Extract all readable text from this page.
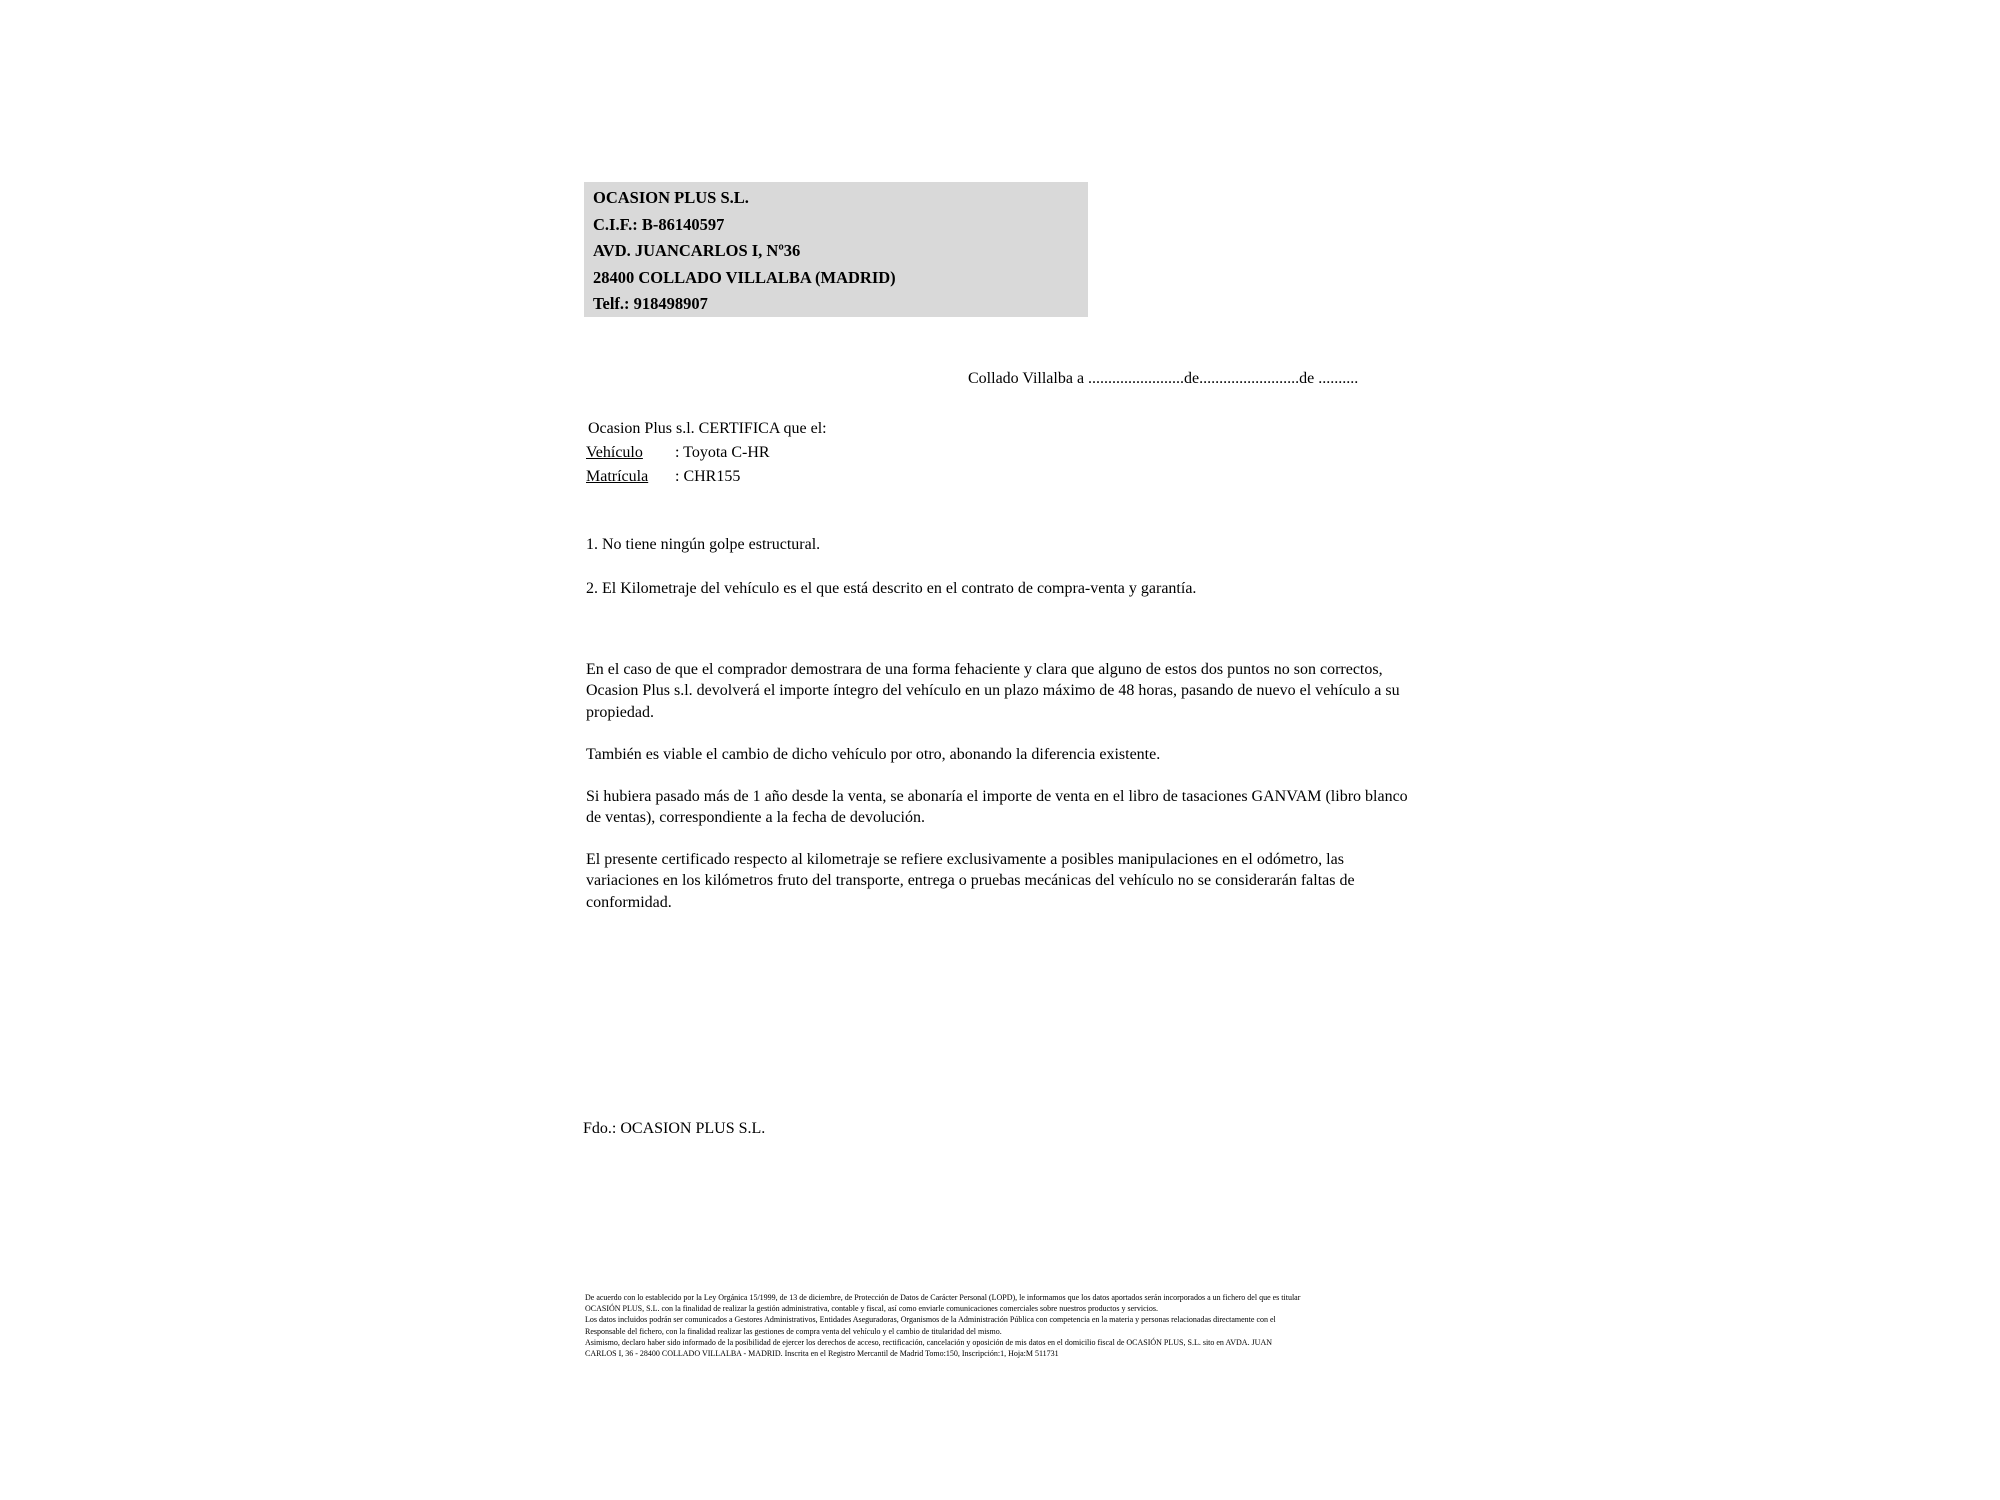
OCASION PLUS S.L.
C.I.F.: B-86140597
AVD. JUANCARLOS I, Nº36
28400 COLLADO VILLALBA (MADRID)
Telf.: 918498907
Collado Villalba a ........................de.........................de ..........
Ocasion Plus s.l. CERTIFICA que el:
Vehículo : Toyota C-HR
Matrícula : CHR155
1. No tiene ningún golpe estructural.
2. El Kilometraje del vehículo es el que está descrito en el contrato de compra-venta y garantía.
En el caso de que el comprador demostrara de una forma fehaciente y clara que alguno de estos dos puntos no son correctos, Ocasion Plus s.l. devolverá el importe íntegro del vehículo en un plazo máximo de 48 horas, pasando de nuevo el vehículo a su propiedad.
También es viable el cambio de dicho vehículo por otro, abonando la diferencia existente.
Si hubiera pasado más de 1 año desde la venta, se abonaría el importe de venta en el libro de tasaciones GANVAM (libro blanco de ventas), correspondiente a la fecha de devolución.
El presente certificado respecto al kilometraje se refiere exclusivamente a posibles manipulaciones en el odómetro, las variaciones en los kilómetros fruto del transporte, entrega o pruebas mecánicas del vehículo no se considerarán faltas de conformidad.
Fdo.: OCASION PLUS S.L.
De acuerdo con lo establecido por la Ley Orgánica 15/1999, de 13 de diciembre, de Protección de Datos de Carácter Personal (LOPD), le informamos que los datos aportados serán incorporados a un fichero del que es titular
OCASIÓN PLUS, S.L. con la finalidad de realizar la gestión administrativa, contable y fiscal, así como enviarle comunicaciones comerciales sobre nuestros productos y servicios.
Los datos incluidos podrán ser comunicados a Gestores Administrativos, Entidades Aseguradoras, Organismos de la Administración Pública con competencia en la materia y personas relacionadas directamente con el
Responsable del fichero, con la finalidad realizar las gestiones de compra venta del vehículo y el cambio de titularidad del mismo.
Asimismo, declaro haber sido informado de la posibilidad de ejercer los derechos de acceso, rectificación, cancelación y oposición de mis datos en el domicilio fiscal de OCASIÓN PLUS, S.L. sito en AVDA. JUAN
CARLOS I, 36 - 28400 COLLADO VILLALBA - MADRID. Inscrita en el Registro Mercantil de Madrid Tomo:150, Inscripción:1, Hoja:M 511731
